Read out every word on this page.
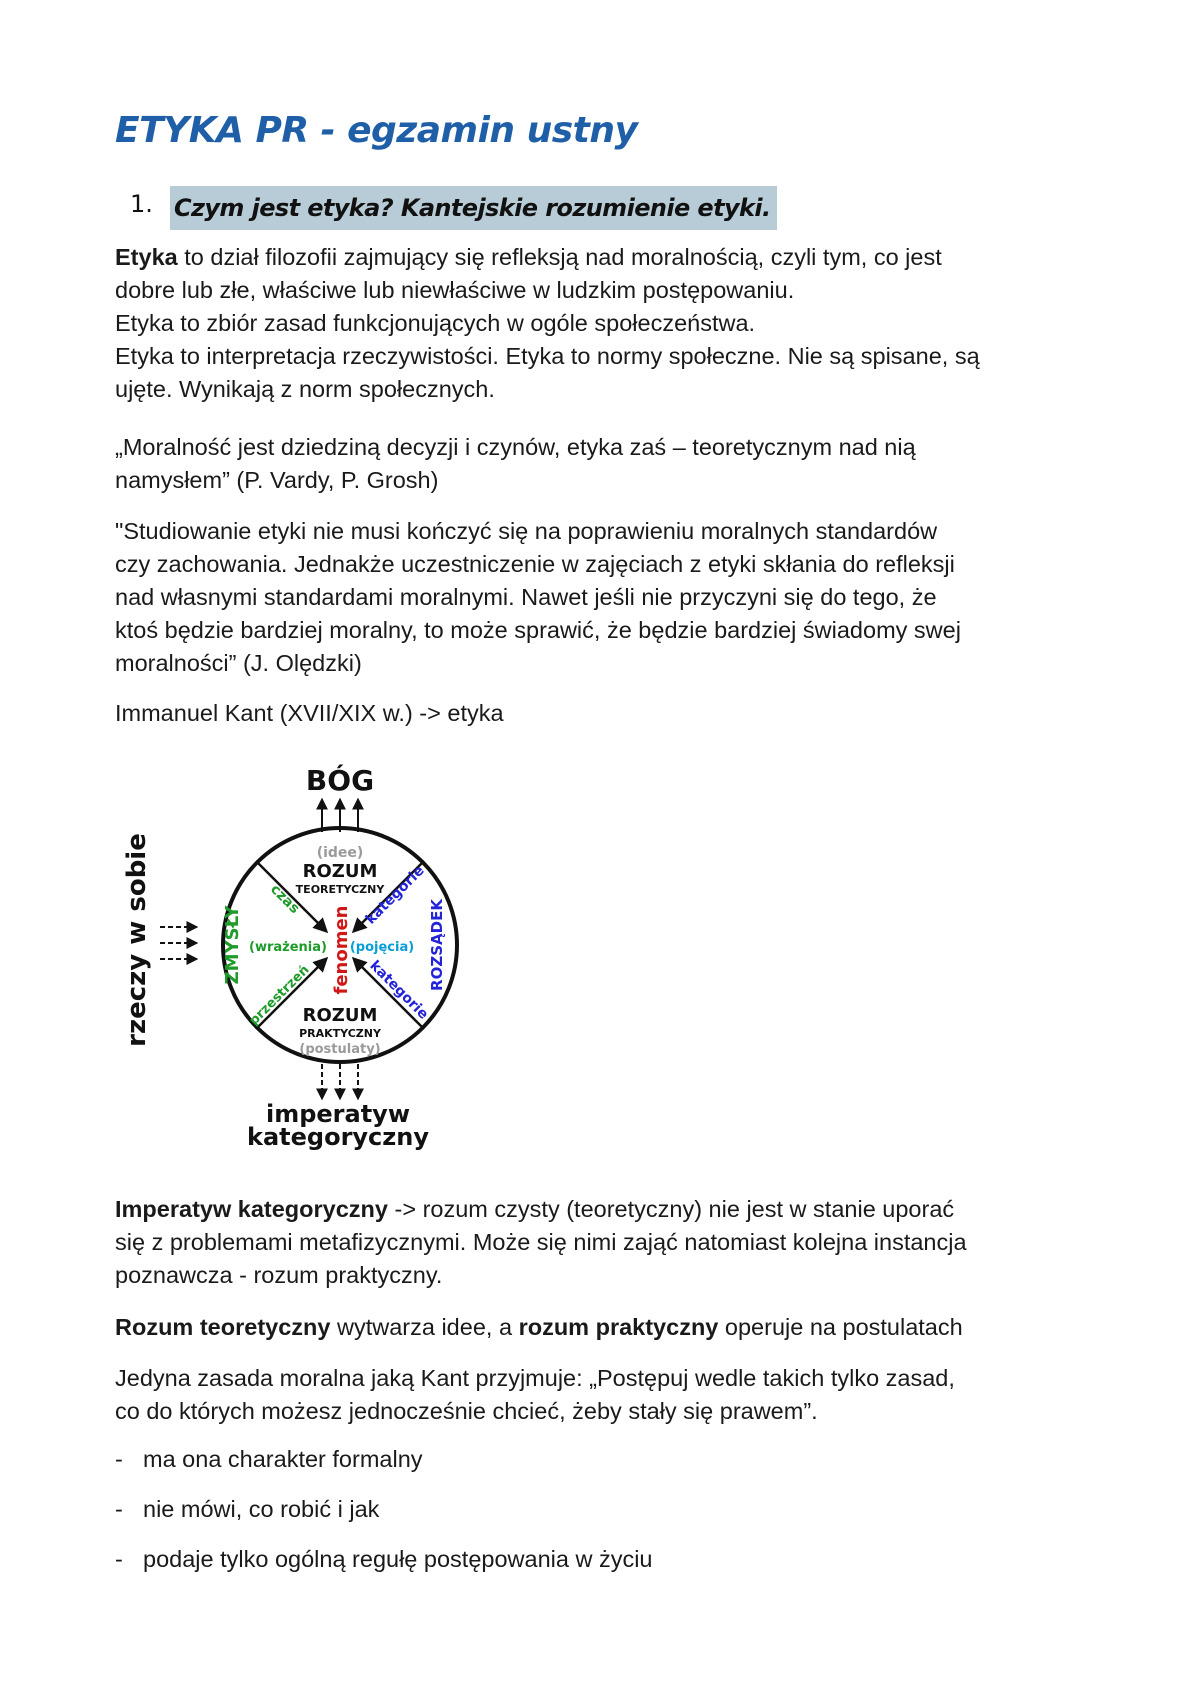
ETYKA PR - egzamin ustny
1. Czym jest etyka? Kantejskie rozumienie etyki.

Etyka to dział filozofii zajmujący się refleksją nad moralnością, czyli tym, co jest

dobre lub złe, właściwe lub niewłaściwe w ludzkim postępowaniu.

Etyka to zbiór zasad funkcjonujących w ogóle społeczeństwa.

Etyka to interpretacja rzeczywistości. Etyka to normy społeczne. Nie są spisane, są

ujęte. Wynikają z norm społecznych.

„Moralność jest dziedziną decyzji i czynów, etyka zaś – teoretycznym nad nią

namysłem” (P. Vardy, P. Grosh)

"Studiowanie etyki nie musi kończyć się na poprawieniu moralnych standardów

czy zachowania. Jednakże uczestniczenie w zajęciach z etyki skłania do refleksji

nad własnymi standardami moralnymi. Nawet jeśli nie przyczyni się do tego, że

ktoś będzie bardziej moralny, to może sprawić, że będzie bardziej świadomy swej

moralności” (J. Olędzki)

Immanuel Kant (XVII/XIX w.) -> etyka

BÓG
rzeczy w sobie	(idee)
ROZUM
TEORETYCZNY
czas	kategorie
ZMYSŁY	ROZSĄDEK
(wrażenia) (pojęcia)
fenomen
przestrzeń	kategorie
ROZUM
PRAKTYCZNY
(postulaty)
imperatyw
kategoryczny

Imperatyw kategoryczny -> rozum czysty (teoretyczny) nie jest w stanie uporać

się z problemami metafizycznymi. Może się nimi zająć natomiast kolejna instancja

poznawcza - rozum praktyczny.

Rozum teoretyczny wytwarza idee, a rozum praktyczny operuje na postulatach

Jedyna zasada moralna jaką Kant przyjmuje: „Postępuj wedle takich tylko zasad,

co do których możesz jednocześnie chcieć, żeby stały się prawem”.

- ma ona charakter formalny
- nie mówi, co robić i jak
- podaje tylko ogólną regułę postępowania w życiu
